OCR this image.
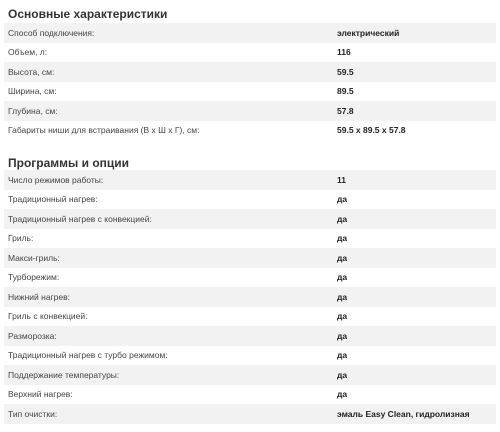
Основные характеристики
Способ подключения:	электрический
Объем, л:	116
Высота, см:	59.5
Ширина, см:	89.5
Глубина, см:	57.8
Габариты ниши для встраивания (В x Ш x Г), см:	59.5 x 89.5 x 57.8
Программы и опции
Число режимов работы:	11
Традиционный нагрев:	да
Традиционный нагрев с конвекцией:	да
Гриль:	да
Макси-гриль:	да
Турборежим:	да
Нижний нагрев:	да
Гриль с конвекцией:	да
Разморозка:	да
Традиционный нагрев с турбо режимом:	да
Поддержание температуры:	да
Верхний нагрев:	да
Тип очистки:	эмаль Easy Clean, гидролизная
